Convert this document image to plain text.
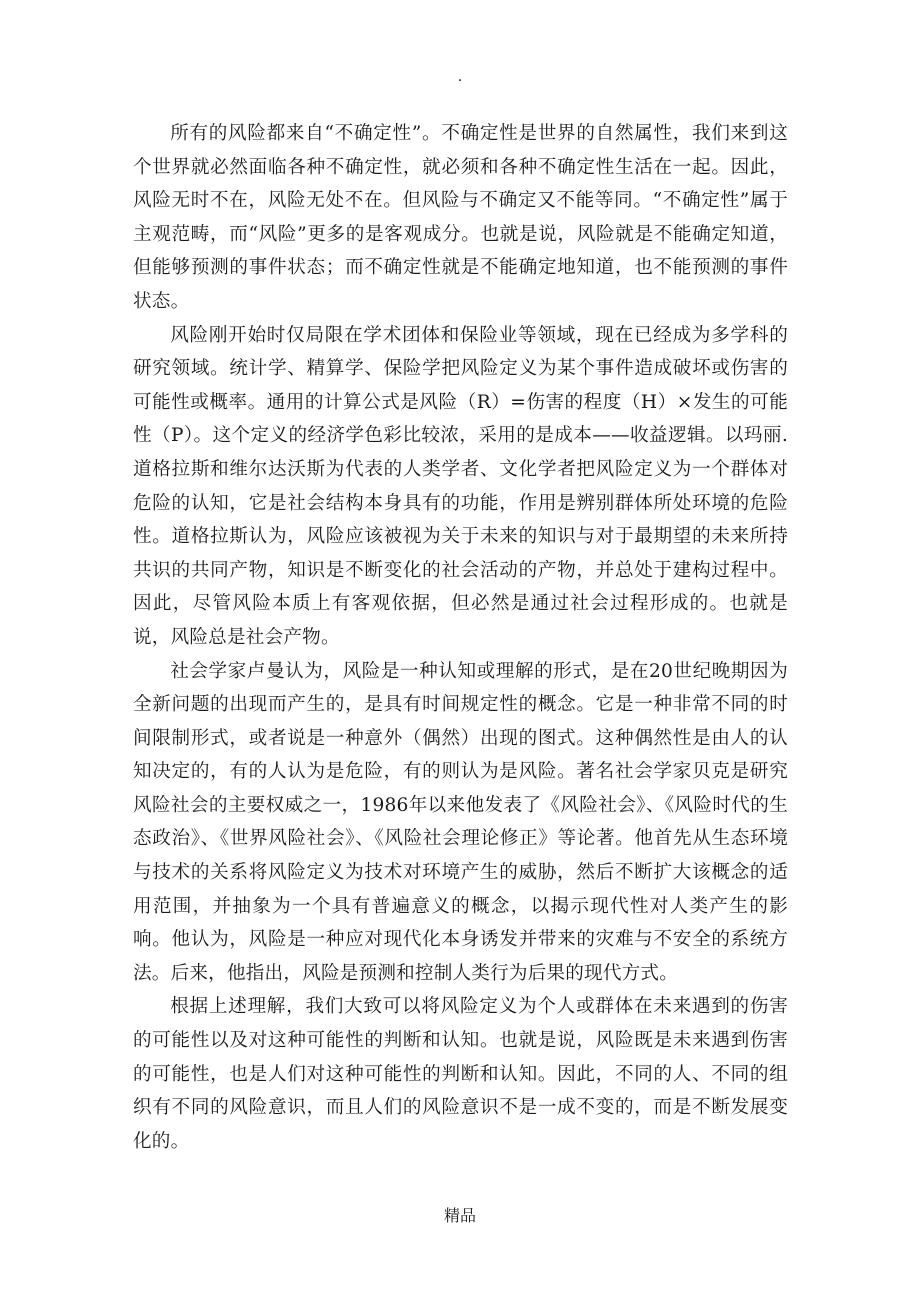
.

所有的风险都来自“不确定性”。不确定性是世界的自然属性，我们来到这个世界就必然面临各种不确定性，就必须和各种不确定性生活在一起。因此，风险无时不在，风险无处不在。但风险与不确定又不能等同。“不确定性”属于主观范畴，而“风险”更多的是客观成分。也就是说，风险就是不能确定知道，但能够预测的事件状态；而不确定性就是不能确定地知道，也不能预测的事件状态。

风险刚开始时仅局限在学术团体和保险业等领域，现在已经成为多学科的研究领域。统计学、精算学、保险学把风险定义为某个事件造成破坏或伤害的可能性或概率。通用的计算公式是风险（R）=伤害的程度（H）×发生的可能性（P）。这个定义的经济学色彩比较浓，采用的是成本——收益逻辑。以玛丽.道格拉斯和维尔达沃斯为代表的人类学者、文化学者把风险定义为一个群体对危险的认知，它是社会结构本身具有的功能，作用是辨别群体所处环境的危险性。道格拉斯认为，风险应该被视为关于未来的知识与对于最期望的未来所持共识的共同产物，知识是不断变化的社会活动的产物，并总处于建构过程中。因此，尽管风险本质上有客观依据，但必然是通过社会过程形成的。也就是说，风险总是社会产物。

社会学家卢曼认为，风险是一种认知或理解的形式，是在20世纪晚期因为全新问题的出现而产生的，是具有时间规定性的概念。它是一种非常不同的时间限制形式，或者说是一种意外（偶然）出现的图式。这种偶然性是由人的认知决定的，有的人认为是危险，有的则认为是风险。著名社会学家贝克是研究风险社会的主要权威之一，1986年以来他发表了《风险社会》、《风险时代的生态政治》、《世界风险社会》、《风险社会理论修正》等论著。他首先从生态环境与技术的关系将风险定义为技术对环境产生的威胁，然后不断扩大该概念的适用范围，并抽象为一个具有普遍意义的概念，以揭示现代性对人类产生的影响。他认为，风险是一种应对现代化本身诱发并带来的灾难与不安全的系统方法。后来，他指出，风险是预测和控制人类行为后果的现代方式。

根据上述理解，我们大致可以将风险定义为个人或群体在未来遇到的伤害的可能性以及对这种可能性的判断和认知。也就是说，风险既是未来遇到伤害的可能性，也是人们对这种可能性的判断和认知。因此，不同的人、不同的组织有不同的风险意识，而且人们的风险意识不是一成不变的，而是不断发展变化的。

精品
